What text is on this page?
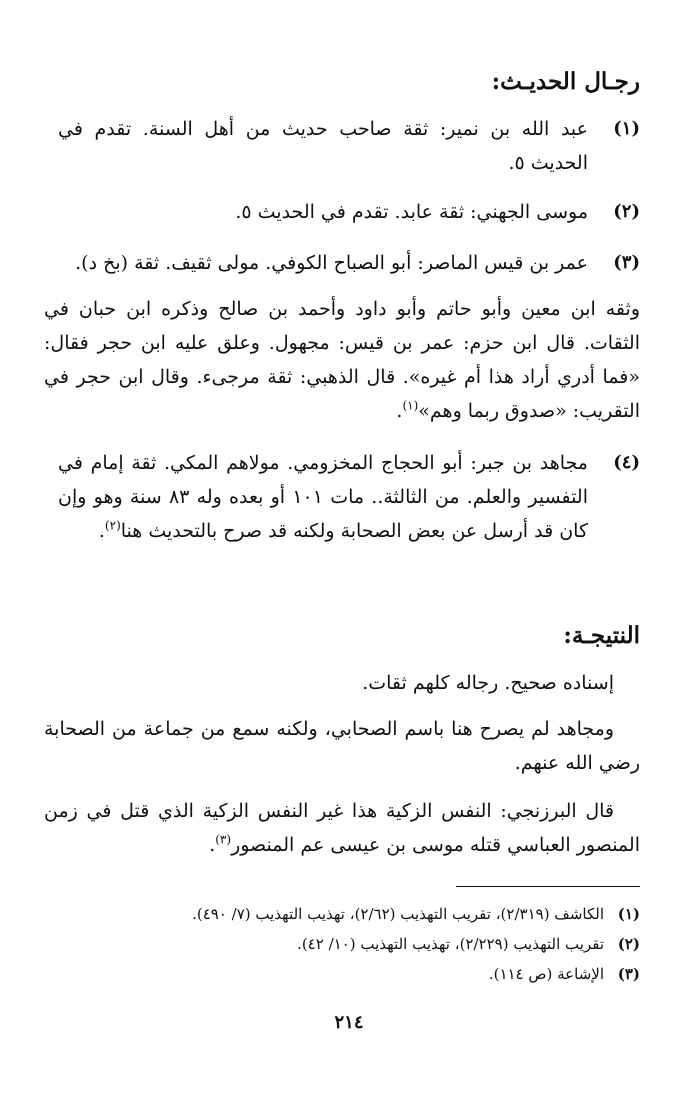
رجـال الحديـث:
(١)
عبد الله بن نمير: ثقة صاحب حديث من أهل السنة. تقدم في الحديث ٥.
(٢)
موسى الجهني: ثقة عابد. تقدم في الحديث ٥.
(٣)
عمر بن قيس الماصر: أبو الصباح الكوفي. مولى ثقيف. ثقة (بخ د).
وثقه ابن معين وأبو حاتم وأبو داود وأحمد بن صالح وذكره ابن حبان في الثقات. قال ابن حزم: عمر بن قيس: مجهول. وعلق عليه ابن حجر فقال: «فما أدري أراد هذا أم غيره». قال الذهبي: ثقة مرجىء. وقال ابن حجر في التقريب: «صدوق ربما وهم»$^{(١)}$.
(٤)
مجاهد بن جبر: أبو الحجاج المخزومي. مولاهم المكي. ثقة إمام في التفسير والعلم. من الثالثة.. مات ١٠١ أو بعده وله ٨٣ سنة وهو وإن كان قد أرسل عن بعض الصحابة ولكنه قد صرح بالتحديث هنا$^{(٢)}$.
النتيجـة:
إسناده صحيح. رجاله كلهم ثقات.
ومجاهد لم يصرح هنا باسم الصحابي، ولكنه سمع من جماعة من الصحابة رضي الله عنهم.
قال البرزنجي: النفس الزكية هذا غير النفس الزكية الذي قتل في زمن المنصور العباسي قتله موسى بن عيسى عم المنصور$^{(٣)}$.
(١)
الكاشف (٢/٣١٩)، تقريب التهذيب (٢/٦٢)، تهذيب التهذيب (٧/ ٤٩٠).
(٢)
تقريب التهذيب (٢/٢٢٩)، تهذيب التهذيب (١٠/ ٤٢).
(٣)
الإشاعة (ص ١١٤).
٢١٤
